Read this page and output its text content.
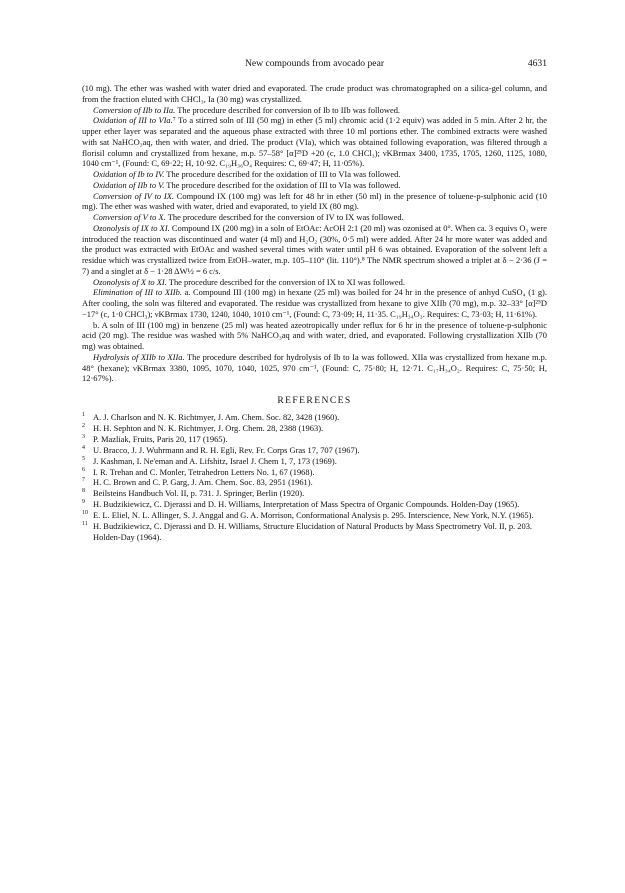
New compounds from avocado pear	4631

(10 mg). The ether was washed with water dried and evaporated. The crude product was chromatographed on a silica-gel column, and from the fraction eluted with CHCl₃, Ia (30 mg) was crystallized.

Conversion of IIb to IIa. The procedure described for conversion of Ib to IIb was followed.

Oxidation of III to VIa.⁷ To a stirred soln of III (50 mg) in ether (5 ml) chromic acid (1·2 equiv) was added in 5 min. After 2 hr, the upper ether layer was separated and the aqueous phase extracted with three 10 ml portions ether. The combined extracts were washed with sat NaHCO₃aq, then with water, and dried. The product (VIa), which was obtained following evaporation, was filtered through a florisil column and crystallized from hexane, m.p. 57–58° [α]²⁵D +20 (c, 1.0 CHCl₃); νKBrmax 3400, 1735, 1705, 1260, 1125, 1080, 1040 cm⁻¹, (Found: C, 69·22; H, 10·92. C₁₉H₃₆O₄ Requires: C, 69·47; H, 11·05%).

Oxidation of Ib to IV. The procedure described for the oxidation of III to VIa was followed.

Oxidation of IIb to V. The procedure described for the oxidation of III to VIa was followed.

Conversion of IV to IX. Compound IX (100 mg) was left for 48 hr in ether (50 ml) in the presence of toluene-p-sulphonic acid (10 mg). The ether was washed with water, dried and evaporated, to yield IX (80 mg).

Conversion of V to X. The procedure described for the conversion of IV to IX was followed.

Ozonolysis of IX to XI. Compound IX (200 mg) in a soln of EtOAc: AcOH 2:1 (20 ml) was ozonised at 0°. When ca. 3 equivs O₃ were introduced the reaction was discontinued and water (4 ml) and H₂O₂ (30%, 0·5 ml) were added. After 24 hr more water was added and the product was extracted with EtOAc and washed several times with water until pH 6 was obtained. Evaporation of the solvent left a residue which was crystallized twice from EtOH–water, m.p. 105–110° (lit. 110°).⁸ The NMR spectrum showed a triplet at δ − 2·36 (J = 7) and a singlet at δ − 1·28 ΔW½ = 6 c/s.

Ozonolysis of X to XI. The procedure described for the conversion of IX to XI was followed.

Elimination of III to XIIb. a. Compound III (100 mg) in hexane (25 ml) was boiled for 24 hr in the presence of anhyd CuSO₄ (1 g). After cooling, the soln was filtered and evaporated. The residue was crystallized from hexane to give XIIb (70 mg), m.p. 32–33° [α]²⁵D −17° (c, 1·0 CHCl₃); νKBrmax 1730, 1240, 1040, 1010 cm⁻¹, (Found: C, 73·09; H, 11·35. C₁₉H₃₄O₃. Requires: C, 73·03; H, 11·61%).

b. A soln of III (100 mg) in benzene (25 ml) was heated azeotropically under reflux for 6 hr in the presence of toluene-p-sulphonic acid (20 mg). The residue was washed with 5% NaHCO₃aq and with water, dried, and evaporated. Following crystallization XIIb (70 mg) was obtained.

Hydrolysis of XIIb to XIIa. The procedure described for hydrolysis of Ib to Ia was followed. XIIa was crystallized from hexane m.p. 48° (hexane); νKBrmax 3380, 1095, 1070, 1040, 1025, 970 cm⁻¹, (Found: C, 75·80; H, 12·71. C₁₇H₃₄O₂. Requires: C, 75·50; H, 12·67%).

REFERENCES

1 A. J. Charlson and N. K. Richtmyer, J. Am. Chem. Soc. 82, 3428 (1960).

2 H. H. Sephton and N. K. Richtmyer, J. Org. Chem. 28, 2388 (1963).

3 P. Mazliak, Fruits, Paris 20, 117 (1965).

4 U. Bracco, J. J. Wuhrmann and R. H. Egli, Rev. Fr. Corps Gras 17, 707 (1967).

5 J. Kashman, I. Ne'eman and A. Lifshitz, Israel J. Chem 1, 7, 173 (1969).

6 I. R. Trehan and C. Monler, Tetrahedron Letters No. 1, 67 (1968).

7 H. C. Brown and C. P. Garg, J. Am. Chem. Soc. 83, 2951 (1961).

8 Beilsteins Handbuch Vol. II, p. 731. J. Springer, Berlin (1920).

9 H. Budzikiewicz, C. Djerassi and D. H. Williams, Interpretation of Mass Spectra of Organic Compounds. Holden-Day (1965).

10 E. L. Eliel, N. L. Allinger, S. J. Anggal and G. A. Morrison, Conformational Analysis p. 295. Interscience, New York, N.Y. (1965).

11 H. Budzikiewicz, C. Djerassi and D. H. Williams, Structure Elucidation of Natural Products by Mass Spectrometry Vol. II, p. 203. Holden-Day (1964).
